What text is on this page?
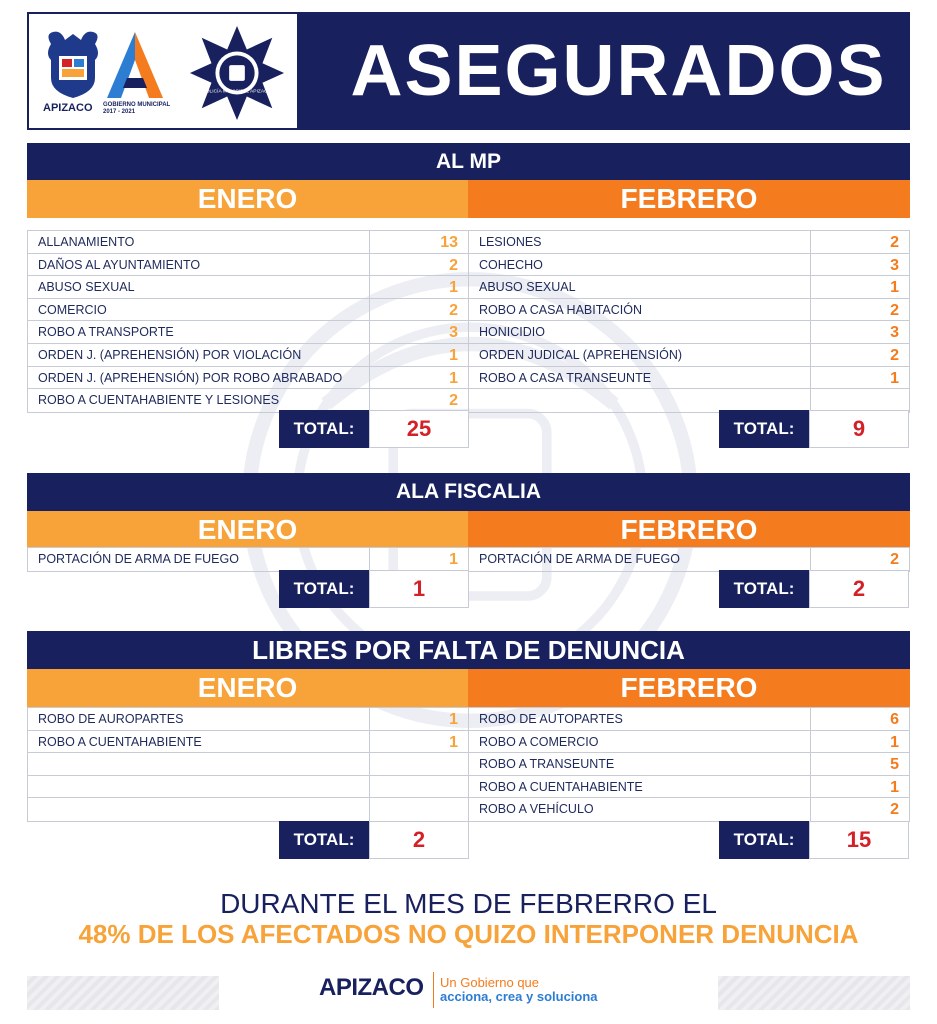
APIZACO GOBIERNO MUNICIPAL
2017 - 2021
POLICÍA MUNICIPAL APIZACO	ASEGURADOS
AL MP
ENERO	FEBRERO
ALLANAMIENTO	13
DAÑOS AL AYUNTAMIENTO	2
ABUSO SEXUAL	1
COMERCIO	2
ROBO A TRANSPORTE	3
ORDEN J. (APREHENSIÓN) POR VIOLACIÓN	1
ORDEN J. (APREHENSIÓN) POR ROBO ABRABADO	1
ROBO A CUENTAHABIENTE Y LESIONES	2
TOTAL:	25
LESIONES	2
COHECHO	3
ABUSO SEXUAL	1
ROBO A CASA HABITACIÓN	2
HONICIDIO	3
ORDEN JUDICAL (APREHENSIÓN)	2
ROBO A CASA TRANSEUNTE	1
TOTAL:	9
ALA FISCALIA
ENERO	FEBRERO
PORTACIÓN DE ARMA DE FUEGO	1
TOTAL:	1
PORTACIÓN DE ARMA DE FUEGO	2
TOTAL:	2
LIBRES POR FALTA DE DENUNCIA
ENERO	FEBRERO
ROBO DE AUROPARTES	1
ROBO A CUENTAHABIENTE	1
TOTAL:	2
ROBO DE AUTOPARTES	6
ROBO A COMERCIO	1
ROBO A TRANSEUNTE	5
ROBO A CUENTAHABIENTE	1
ROBO A VEHÍCULO	2
TOTAL:	15
DURANTE EL MES DE FEBRERRO EL
48% DE LOS AFECTADOS NO QUIZO INTERPONER DENUNCIA
APIZACO Un Gobierno que
acciona, crea y soluciona
